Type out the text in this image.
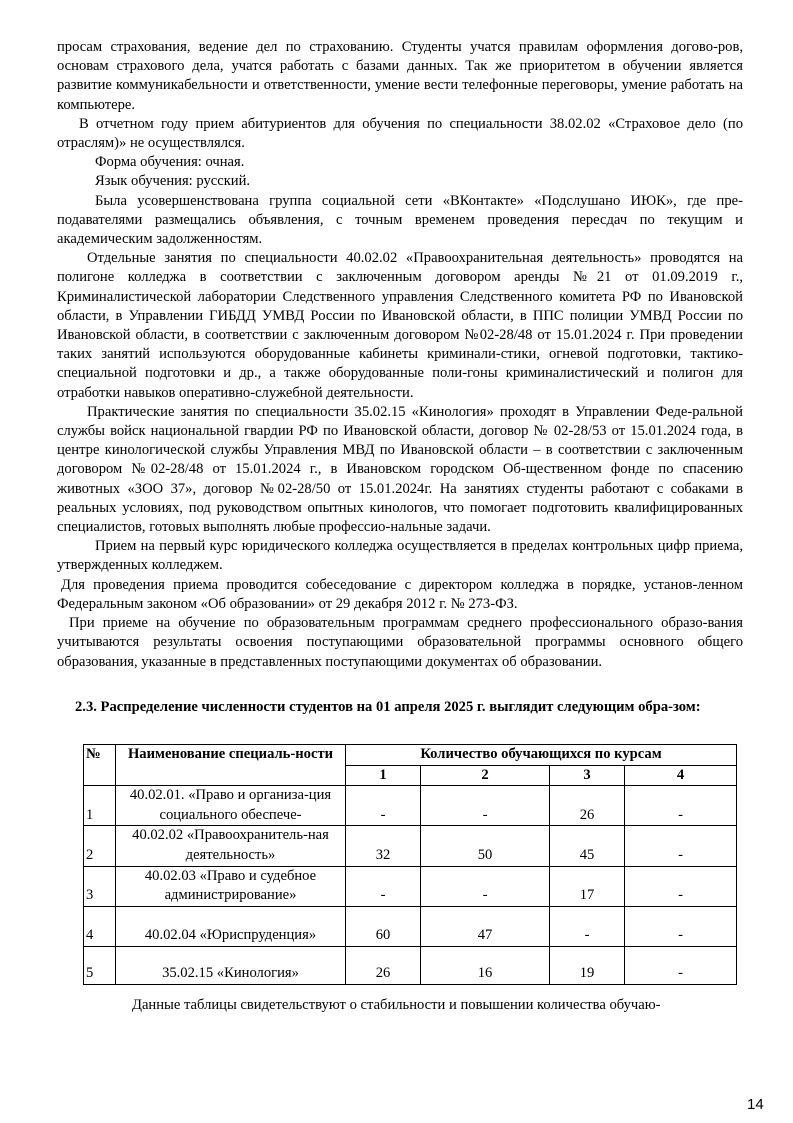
просам страхования, ведение дел по страхованию. Студенты учатся правилам оформления догово-ров, основам страхового дела, учатся работать с базами данных. Так же приоритетом в обучении является развитие коммуникабельности и ответственности, умение вести телефонные переговоры, умение работать на компьютере.

В отчетном году прием абитуриентов для обучения по специальности 38.02.02 «Страховое дело (по отраслям)» не осуществлялся.

Форма обучения: очная.

Язык обучения: русский.

Была усовершенствована группа социальной сети «ВКонтакте» «Подслушано ИЮК», где пре-подавателями размещались объявления, с точным временем проведения пересдач по текущим и академическим задолженностям.

Отдельные занятия по специальности 40.02.02 «Правоохранительная деятельность» проводятся на полигоне колледжа в соответствии с заключенным договором аренды №21 от 01.09.2019 г., Криминалистической лаборатории Следственного управления Следственного комитета РФ по Ивановской области, в Управлении ГИБДД УМВД России по Ивановской области, в ППС полиции УМВД России по Ивановской области, в соответствии с заключенным договором №02-28/48 от 15.01.2024 г. При проведении таких занятий используются оборудованные кабинеты криминали-стики, огневой подготовки, тактико-специальной подготовки и др., а также оборудованные поли-гоны криминалистический и полигон для отработки навыков оперативно-служебной деятельности.

Практические занятия по специальности 35.02.15 «Кинология» проходят в Управлении Феде-ральной службы войск национальной гвардии РФ по Ивановской области, договор № 02-28/53 от 15.01.2024 года, в центре кинологической службы Управления МВД по Ивановской области – в соответствии с заключенным договором №02-28/48 от 15.01.2024 г., в Ивановском городском Об-щественном фонде по спасению животных «ЗОО 37», договор №02-28/50 от 15.01.2024г. На занятиях студенты работают с собаками в реальных условиях, под руководством опытных кинологов, что помогает подготовить квалифицированных специалистов, готовых выполнять любые профессио-нальные задачи.

Прием на первый курс юридического колледжа осуществляется в пределах контрольных цифр приема, утвержденных колледжем.

Для проведения приема проводится собеседование с директором колледжа в порядке, установ-ленном Федеральным законом «Об образовании» от 29 декабря 2012 г. № 273-ФЗ.

При приеме на обучение по образовательным программам среднего профессионального образо-вания учитываются результаты освоения поступающими образовательной программы основного общего образования, указанные в представленных поступающими документах об образовании.

2.3. Распределение численности студентов на 01 апреля 2025 г. выглядит следующим обра-зом:

№	Наименование специаль-ности	Количество обучающихся по курсам			
		1	2	3	4
1	40.02.01. «Право и организа-ция социального обеспече-	-	-	26	-
2	40.02.02 «Правоохранитель-ная деятельность»	32	50	45	-
3	40.02.03 «Право и судебное администрирование»	-	-	17	-
4	40.02.04 «Юриспруденция»	60	47	-	-
5	35.02.15 «Кинология»	26	16	19	-

Данные таблицы свидетельствуют о стабильности и повышении количества обучаю-

14
